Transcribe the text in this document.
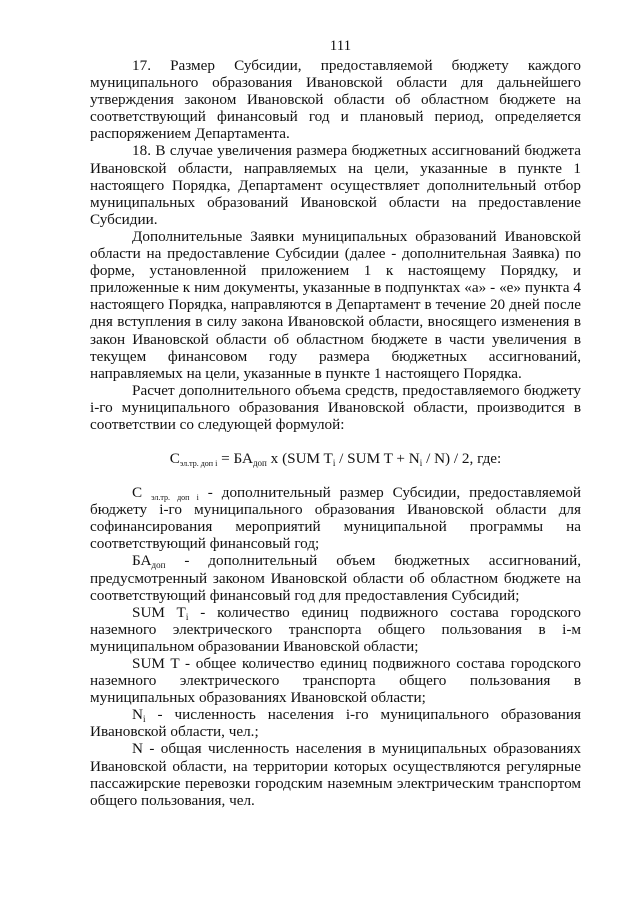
111

17. Размер Субсидии, предоставляемой бюджету каждого муниципального образования Ивановской области для дальнейшего утверждения законом Ивановской области об областном бюджете на соответствующий финансовый год и плановый период, определяется распоряжением Департамента.

18. В случае увеличения размера бюджетных ассигнований бюджета Ивановской области, направляемых на цели, указанные в пункте 1 настоящего Порядка, Департамент осуществляет дополнительный отбор муниципальных образований Ивановской области на предоставление Субсидии.

Дополнительные Заявки муниципальных образований Ивановской области на предоставление Субсидии (далее - дополнительная Заявка) по форме, установленной приложением 1 к настоящему Порядку, и приложенные к ним документы, указанные в подпунктах «а» - «е» пункта 4 настоящего Порядка, направляются в Департамент в течение 20 дней после дня вступления в силу закона Ивановской области, вносящего изменения в закон Ивановской области об областном бюджете в части увеличения в текущем финансовом году размера бюджетных ассигнований, направляемых на цели, указанные в пункте 1 настоящего Порядка.

Расчет дополнительного объема средств, предоставляемого бюджету i-го муниципального образования Ивановской области, производится в соответствии со следующей формулой:

$С_{эл.тр. доп i} = БА_{доп}$ x (SUM $T_i$ / SUM $T + N_i / N) / 2$, где:

С $_{эл.тр. доп i}$ - дополнительный размер Субсидии, предоставляемой бюджету i-го муниципального образования Ивановской области для софинансирования мероприятий муниципальной программы на соответствующий финансовый год;

$БА_{доп}$ - дополнительный объем бюджетных ассигнований, предусмотренный законом Ивановской области об областном бюджете на соответствующий финансовый год для предоставления Субсидий;

SUM $T_i$ - количество единиц подвижного состава городского наземного электрического транспорта общего пользования в i-м муниципальном образовании Ивановской области;

SUM T - общее количество единиц подвижного состава городского наземного электрического транспорта общего пользования в муниципальных образованиях Ивановской области;

$N_i$ - численность населения i-го муниципального образования Ивановской области, чел.;

N - общая численность населения в муниципальных образованиях Ивановской области, на территории которых осуществляются регулярные пассажирские перевозки городским наземным электрическим транспортом общего пользования, чел.
